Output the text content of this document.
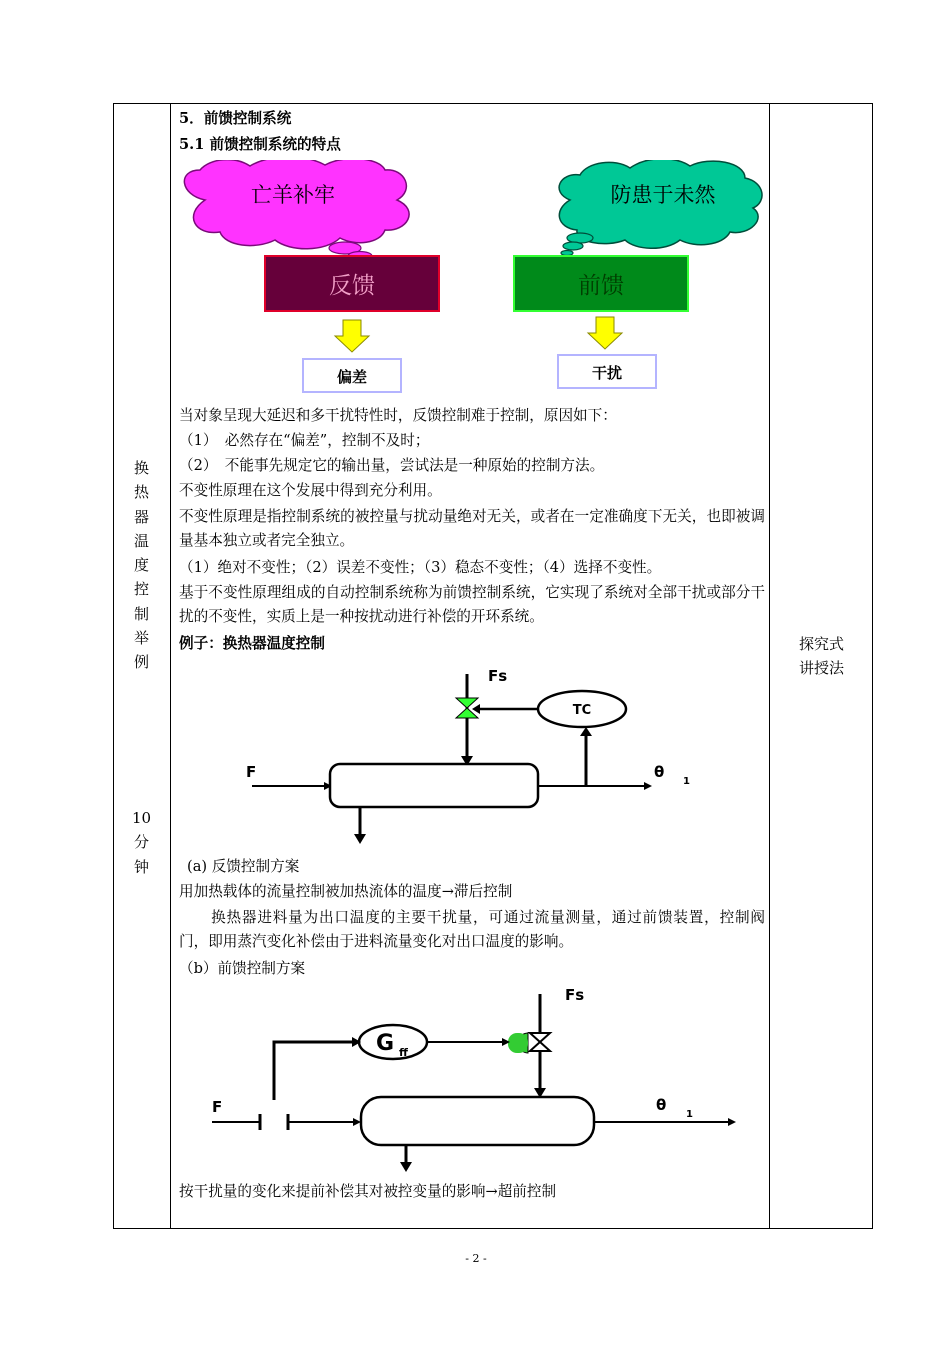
换
热
器
温
度
控
制
举
例
10
分
钟
探究式
讲授法
5．前馈控制系统
5.1 前馈控制系统的特点
亡羊补牢	防患于未然
反馈	前馈
偏差	干扰
当对象呈现大延迟和多干扰特性时，反馈控制难于控制，原因如下：
（1）　必然存在“偏差”，控制不及时；
（2）　不能事先规定它的输出量，尝试法是一种原始的控制方法。
不变性原理在这个发展中得到充分利用。
不变性原理是指控制系统的被控量与扰动量绝对无关，或者在一定准确度下无关，也即被调量基本独立或者完全独立。
（1）绝对不变性；（2）误差不变性；（3）稳态不变性；（4）选择不变性。
基于不变性原理组成的自动控制系统称为前馈控制系统，它实现了系统对全部干扰或部分干扰的不变性，实质上是一种按扰动进行补偿的开环系统。
例子：换热器温度控制
Fs
TC
F	θ
1
(a) 反馈控制方案
用加热载体的流量控制被加热流体的温度→滞后控制
换热器进料量为出口温度的主要干扰量，可通过流量测量，通过前馈装置，控制阀门，即用蒸汽变化补偿由于进料流量变化对出口温度的影响。
（b）前馈控制方案
Fs
G ff
F	θ
1
按干扰量的变化来提前补偿其对被控变量的影响→超前控制
- 2 -
